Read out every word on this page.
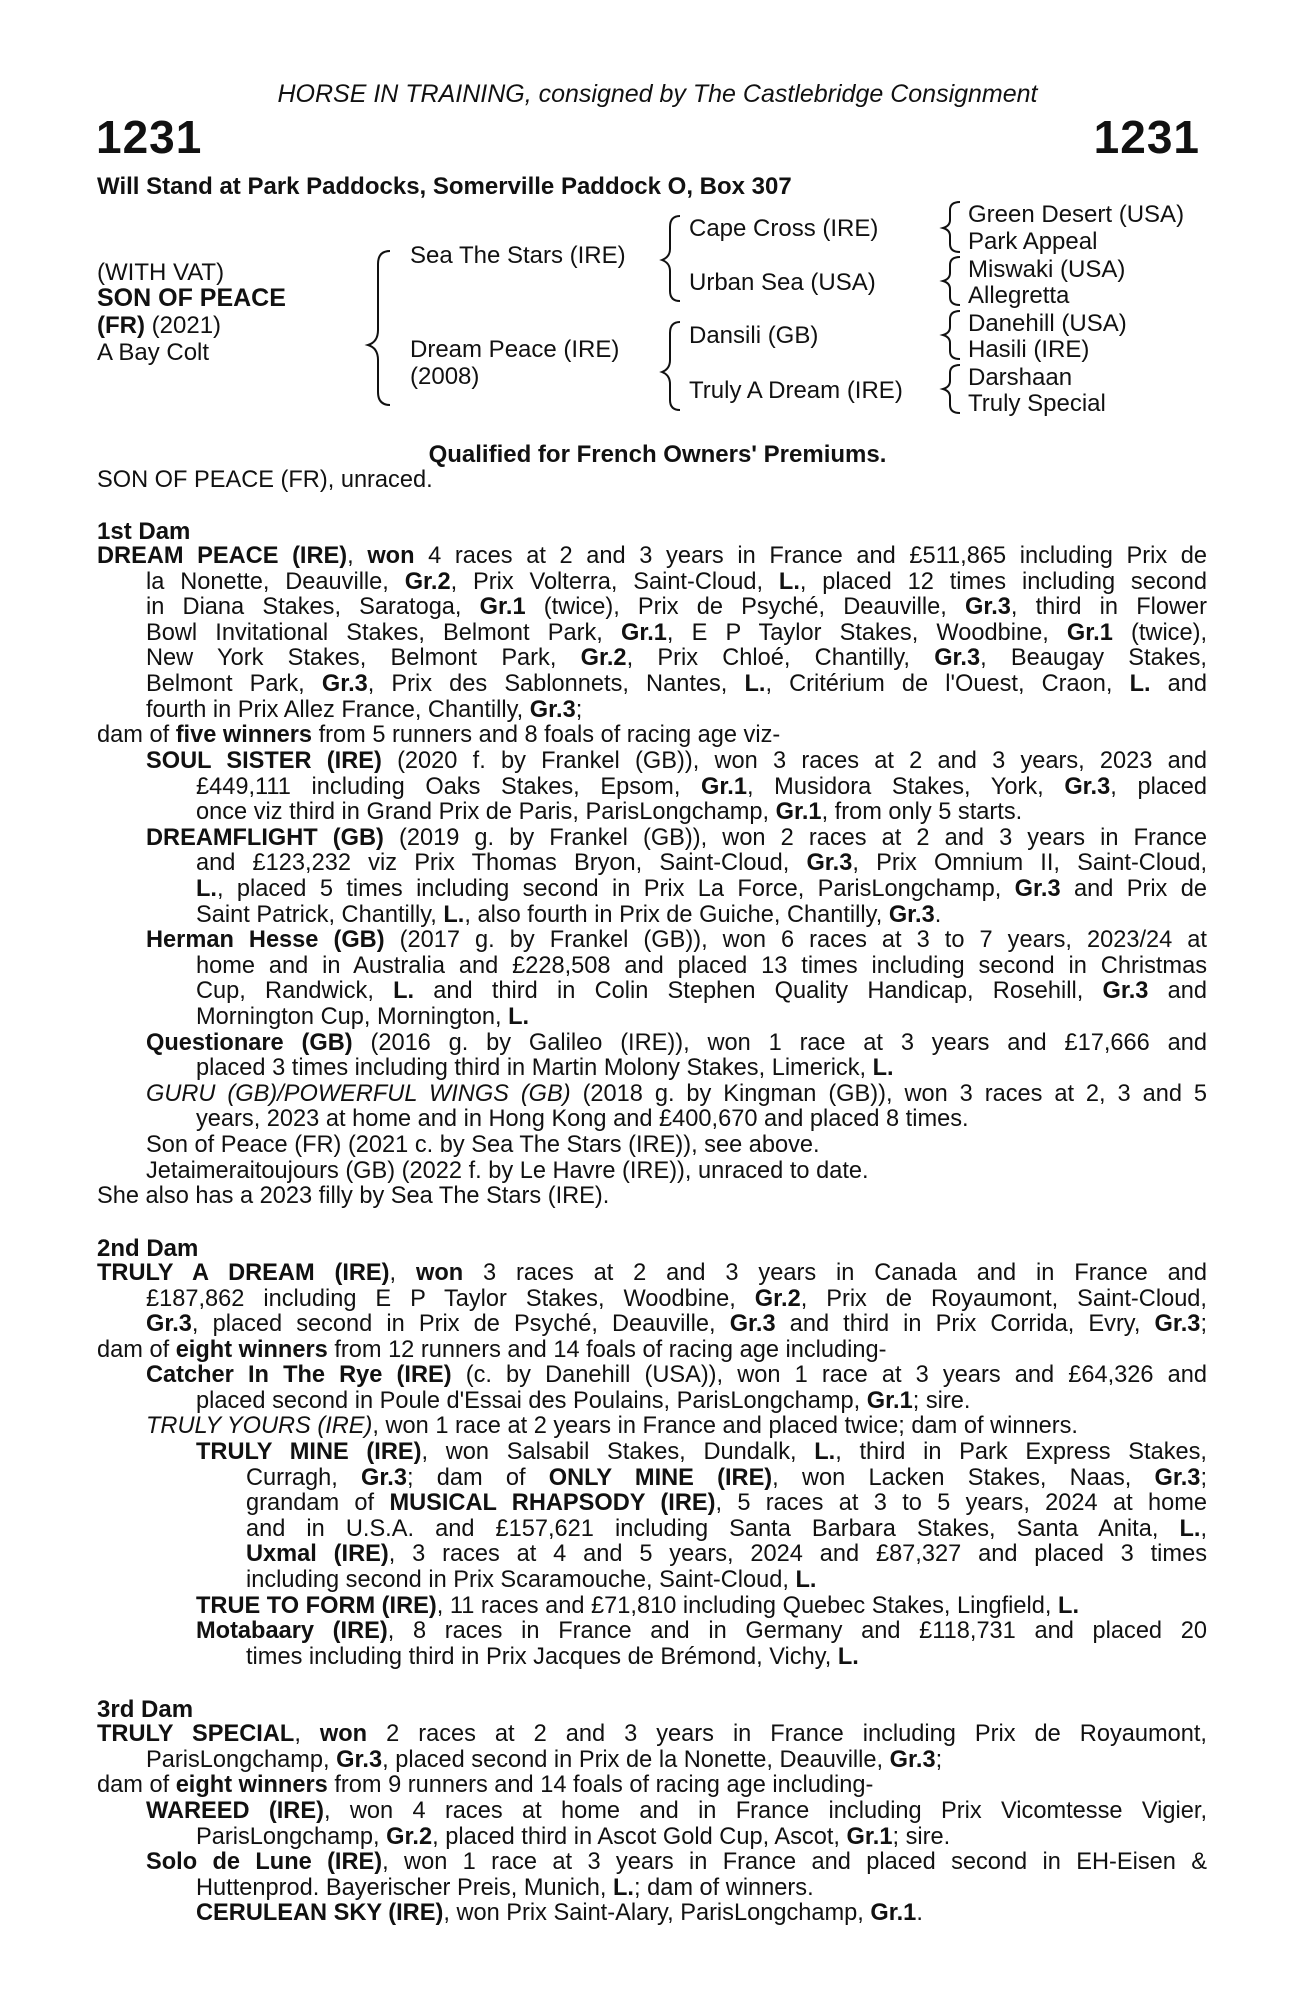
HORSE IN TRAINING, consigned by The Castlebridge Consignment
1231	1231
Will Stand at Park Paddocks, Somerville Paddock O, Box 307
(WITH VAT)
SON OF PEACE
(FR) (2021)
A Bay Colt
Sea The Stars (IRE)
Dream Peace (IRE)
(2008)
Cape Cross (IRE)
Urban Sea (USA)
Dansili (GB)
Truly A Dream (IRE)
Green Desert (USA)
Park Appeal
Miswaki (USA)
Allegretta
Danehill (USA)
Hasili (IRE)
Darshaan
Truly Special
Qualified for French Owners' Premiums.
SON OF PEACE (FR), unraced.
1st Dam
DREAM PEACE (IRE), won 4 races at 2 and 3 years in France and £511,865 including Prix de
la Nonette, Deauville, Gr.2, Prix Volterra, Saint-Cloud, L., placed 12 times including second
in Diana Stakes, Saratoga, Gr.1 (twice), Prix de Psyché, Deauville, Gr.3, third in Flower
Bowl Invitational Stakes, Belmont Park, Gr.1, E P Taylor Stakes, Woodbine, Gr.1 (twice),
New York Stakes, Belmont Park, Gr.2, Prix Chloé, Chantilly, Gr.3, Beaugay Stakes,
Belmont Park, Gr.3, Prix des Sablonnets, Nantes, L., Critérium de l'Ouest, Craon, L. and
fourth in Prix Allez France, Chantilly, Gr.3;
dam of five winners from 5 runners and 8 foals of racing age viz-
SOUL SISTER (IRE) (2020 f. by Frankel (GB)), won 3 races at 2 and 3 years, 2023 and
£449,111 including Oaks Stakes, Epsom, Gr.1, Musidora Stakes, York, Gr.3, placed
once viz third in Grand Prix de Paris, ParisLongchamp, Gr.1, from only 5 starts.
DREAMFLIGHT (GB) (2019 g. by Frankel (GB)), won 2 races at 2 and 3 years in France
and £123,232 viz Prix Thomas Bryon, Saint-Cloud, Gr.3, Prix Omnium II, Saint-Cloud,
L., placed 5 times including second in Prix La Force, ParisLongchamp, Gr.3 and Prix de
Saint Patrick, Chantilly, L., also fourth in Prix de Guiche, Chantilly, Gr.3.
Herman Hesse (GB) (2017 g. by Frankel (GB)), won 6 races at 3 to 7 years, 2023/24 at
home and in Australia and £228,508 and placed 13 times including second in Christmas
Cup, Randwick, L. and third in Colin Stephen Quality Handicap, Rosehill, Gr.3 and
Mornington Cup, Mornington, L.
Questionare (GB) (2016 g. by Galileo (IRE)), won 1 race at 3 years and £17,666 and
placed 3 times including third in Martin Molony Stakes, Limerick, L.
GURU (GB)/POWERFUL WINGS (GB) (2018 g. by Kingman (GB)), won 3 races at 2, 3 and 5
years, 2023 at home and in Hong Kong and £400,670 and placed 8 times.
Son of Peace (FR) (2021 c. by Sea The Stars (IRE)), see above.
Jetaimeraitoujours (GB) (2022 f. by Le Havre (IRE)), unraced to date.
She also has a 2023 filly by Sea The Stars (IRE).
2nd Dam
TRULY A DREAM (IRE), won 3 races at 2 and 3 years in Canada and in France and
£187,862 including E P Taylor Stakes, Woodbine, Gr.2, Prix de Royaumont, Saint-Cloud,
Gr.3, placed second in Prix de Psyché, Deauville, Gr.3 and third in Prix Corrida, Evry, Gr.3;
dam of eight winners from 12 runners and 14 foals of racing age including-
Catcher In The Rye (IRE) (c. by Danehill (USA)), won 1 race at 3 years and £64,326 and
placed second in Poule d'Essai des Poulains, ParisLongchamp, Gr.1; sire.
TRULY YOURS (IRE), won 1 race at 2 years in France and placed twice; dam of winners.
TRULY MINE (IRE), won Salsabil Stakes, Dundalk, L., third in Park Express Stakes,
Curragh, Gr.3; dam of ONLY MINE (IRE), won Lacken Stakes, Naas, Gr.3;
grandam of MUSICAL RHAPSODY (IRE), 5 races at 3 to 5 years, 2024 at home
and in U.S.A. and £157,621 including Santa Barbara Stakes, Santa Anita, L.,
Uxmal (IRE), 3 races at 4 and 5 years, 2024 and £87,327 and placed 3 times
including second in Prix Scaramouche, Saint-Cloud, L.
TRUE TO FORM (IRE), 11 races and £71,810 including Quebec Stakes, Lingfield, L.
Motabaary (IRE), 8 races in France and in Germany and £118,731 and placed 20
times including third in Prix Jacques de Brémond, Vichy, L.
3rd Dam
TRULY SPECIAL, won 2 races at 2 and 3 years in France including Prix de Royaumont,
ParisLongchamp, Gr.3, placed second in Prix de la Nonette, Deauville, Gr.3;
dam of eight winners from 9 runners and 14 foals of racing age including-
WAREED (IRE), won 4 races at home and in France including Prix Vicomtesse Vigier,
ParisLongchamp, Gr.2, placed third in Ascot Gold Cup, Ascot, Gr.1; sire.
Solo de Lune (IRE), won 1 race at 3 years in France and placed second in EH-Eisen &
Huttenprod. Bayerischer Preis, Munich, L.; dam of winners.
CERULEAN SKY (IRE), won Prix Saint-Alary, ParisLongchamp, Gr.1.
